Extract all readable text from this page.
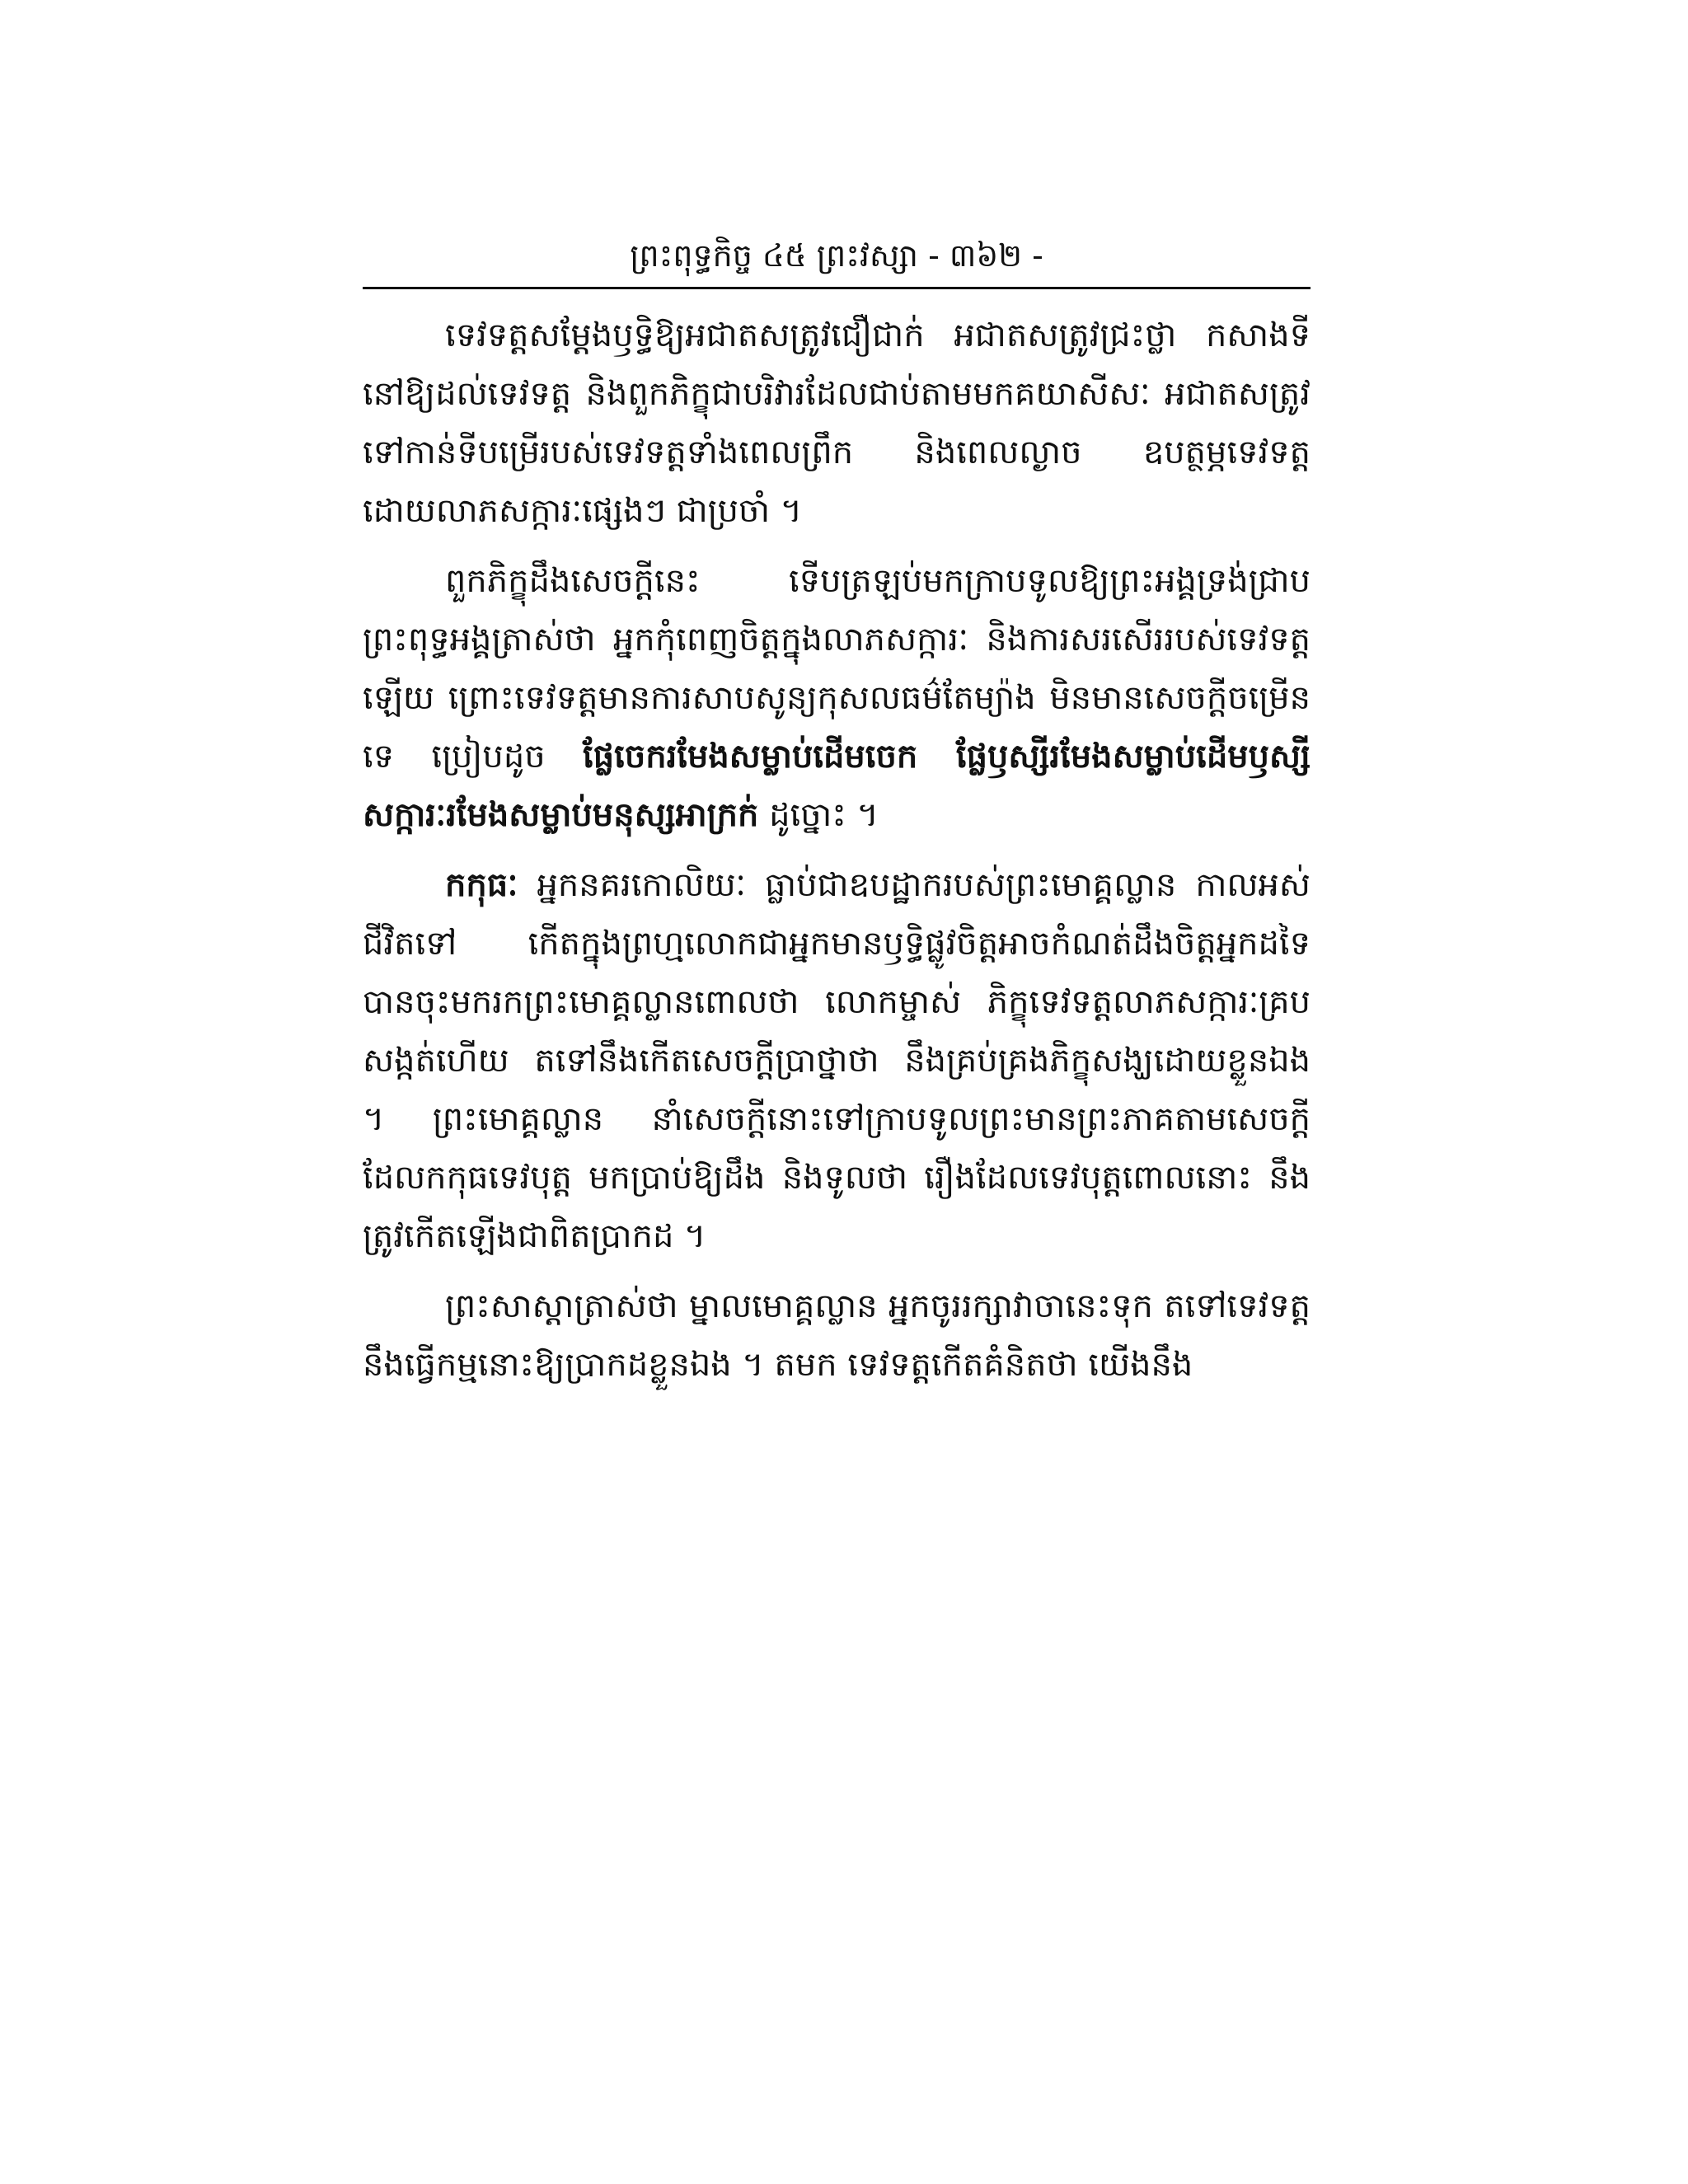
ព្រះពុទ្ធកិច្ច ៤៥ ព្រះវស្សា ‑ ៣៦២ ‑

ទេវទត្តសម្ដែងឫទ្ធិឱ្យអជាតសត្រូវជឿជាក់ អជាតសត្រូវជ្រះថ្លា កសាងទីនៅឱ្យដល់ទេវទត្ត និងពួកភិក្ខុជាបរិវារដែលជាប់តាមមកគយាសីសៈ អជាតសត្រូវទៅកាន់ទីបម្រើរបស់ទេវទត្តទាំងពេលព្រឹក និងពេលល្ងាច ឧបត្ថម្ភទេវទត្តដោយលាភសក្ការៈផ្សេងៗ ជាប្រចាំ ។

ពួកភិក្ខុដឹងសេចក្ដីនេះ ទើបត្រឡប់មកក្រាបទូលឱ្យព្រះអង្គទ្រង់ជ្រាប ព្រះពុទ្ធអង្គត្រាស់ថា អ្នកកុំពេញចិត្តក្នុងលាភសក្ការៈ និងការសរសើររបស់ទេវទត្តឡើយ ព្រោះទេវទត្តមានការសាបសូន្យកុសលធម៌តែម្យ៉ាង មិនមានសេចក្ដីចម្រើនទេ ប្រៀបដូច ផ្លែចេករមែងសម្លាប់ដើមចេក ផ្លែឫស្សីរមែងសម្លាប់ដើមឫស្សី សក្ការៈរមែងសម្លាប់មនុស្សអាក្រក់ ដូច្នោះ ។

កកុធៈ អ្នកនគរកោលិយៈ ធ្លាប់ជាឧបដ្ឋាករបស់ព្រះមោគ្គល្លាន កាលអស់ជីវិតទៅ កើតក្នុងព្រហ្មលោកជាអ្នកមានឫទ្ធិផ្លូវចិត្តអាចកំណត់ដឹងចិត្តអ្នកដទៃ បានចុះមករកព្រះមោគ្គល្លានពោលថា លោកម្ចាស់ ភិក្ខុទេវទត្តលាភសក្ការៈគ្របសង្កត់ហើយ តទៅនឹងកើតសេចក្ដីប្រាថ្នាថា នឹងគ្រប់គ្រងភិក្ខុសង្ឃដោយខ្លួនឯង ។ ព្រះមោគ្គល្លាន នាំសេចក្ដីនោះទៅក្រាបទូលព្រះមានព្រះភាគតាមសេចក្ដីដែលកកុធទេវបុត្ត មកប្រាប់ឱ្យដឹង និងទូលថា រឿងដែលទេវបុត្តពោលនោះ នឹងត្រូវកើតឡើងជាពិតប្រាកដ ។

ព្រះសាស្ដាត្រាស់ថា ម្នាលមោគ្គល្លាន អ្នកចូររក្សាវាចានេះទុក តទៅទេវទត្តនឹងធ្វើកម្មនោះឱ្យប្រាកដខ្លួនឯង ។ តមក ទេវទត្តកើតគំនិតថា យើងនឹង
